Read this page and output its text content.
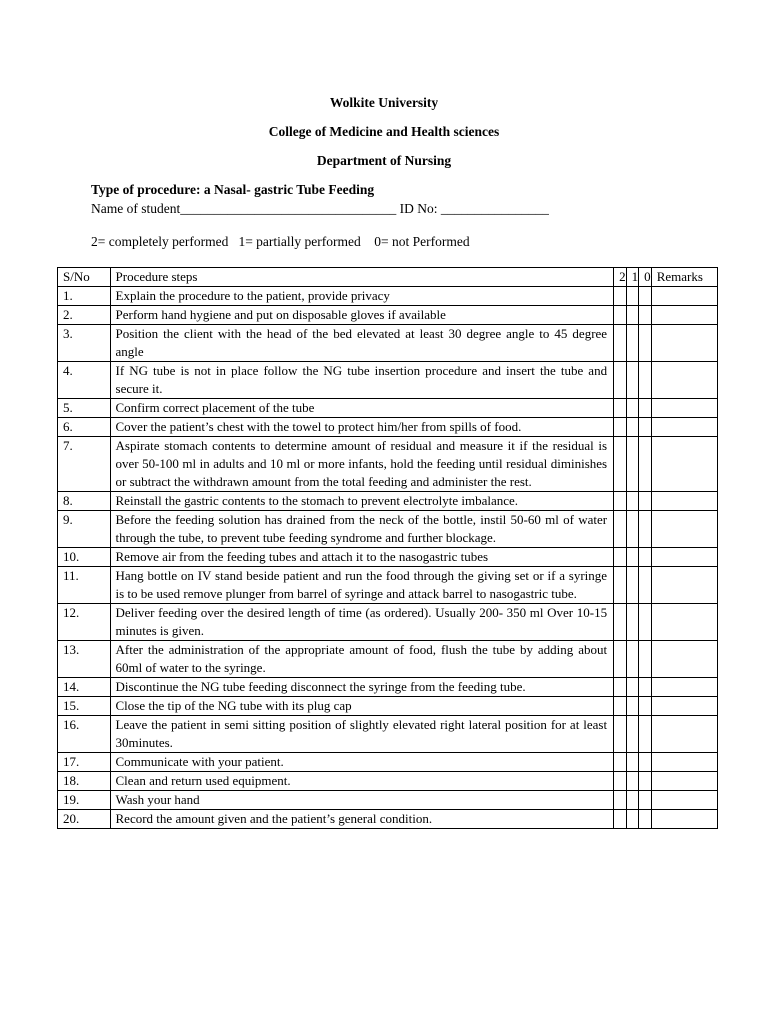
Wolkite University
College of Medicine and Health sciences
Department of Nursing
Type of procedure: a Nasal- gastric Tube Feeding
Name of student________________________________ ID No: ________________
2= completely performed   1= partially performed    0= not Performed
S/No	Procedure steps	2	1	0	Remarks
1.	Explain the procedure to the patient, provide privacy				
2.	Perform hand hygiene and put on disposable gloves if available				
3.	Position the client with the head of the bed elevated at least 30 degree angle to 45 degree angle				
4.	If NG tube is not in place follow the NG tube insertion procedure and insert the tube and secure it.				
5.	Confirm correct placement of the tube				
6.	Cover the patient’s chest with the towel to protect him/her from spills of food.				
7.	Aspirate stomach contents to determine amount of residual and measure it if the residual is over 50-100 ml in adults and 10 ml or more infants, hold the feeding until residual diminishes or subtract the withdrawn amount from the total feeding and administer the rest.				
8.	Reinstall the gastric contents to the stomach to prevent electrolyte imbalance.				
9.	Before the feeding solution has drained from the neck of the bottle, instil 50-60 ml of water through the tube, to prevent tube feeding syndrome and further blockage.				
10.	Remove air from the feeding tubes and attach it to the nasogastric tubes				
11.	Hang bottle on IV stand beside patient and run the food through the giving set or if a syringe is to be used remove plunger from barrel of syringe and attack barrel to nasogastric tube.				
12.	Deliver feeding over the desired length of time (as ordered). Usually 200- 350 ml Over 10-15 minutes is given.				
13.	After the administration of the appropriate amount of food, flush the tube by adding about 60ml of water to the syringe.				
14.	Discontinue the NG tube feeding disconnect the syringe from the feeding tube.				
15.	Close the tip of the NG tube with its plug cap				
16.	Leave the patient in semi sitting position of slightly elevated right lateral position for at least 30minutes.				
17.	Communicate with your patient.				
18.	Clean and return used equipment.				
19.	Wash your hand				
20.	Record the amount given and the patient’s general condition.				
